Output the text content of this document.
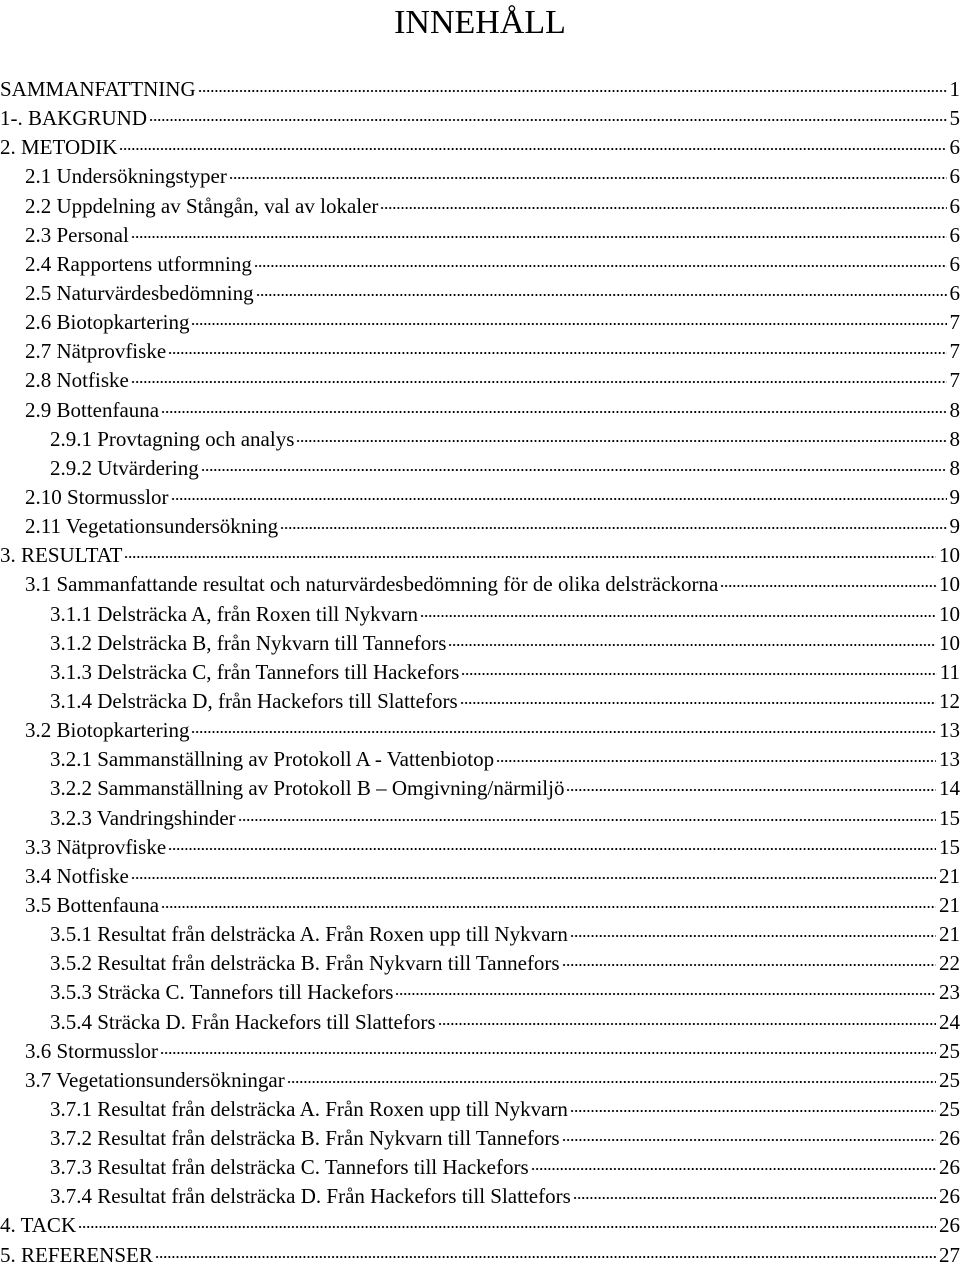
INNEHÅLL
SAMMANFATTNING	1
1-. BAKGRUND	5
2. METODIK	6
2.1 Undersökningstyper	6
2.2 Uppdelning av Stångån, val av lokaler	6
2.3 Personal	6
2.4 Rapportens utformning	6
2.5 Naturvärdesbedömning	6
2.6 Biotopkartering	7
2.7 Nätprovfiske	7
2.8 Notfiske	7
2.9 Bottenfauna	8
2.9.1 Provtagning och analys	8
2.9.2 Utvärdering	8
2.10 Stormusslor	9
2.11 Vegetationsundersökning	9
3. RESULTAT	10
3.1 Sammanfattande resultat och naturvärdesbedömning för de olika delsträckorna	10
3.1.1 Delsträcka A, från Roxen till Nykvarn	10
3.1.2 Delsträcka B, från Nykvarn till Tannefors	10
3.1.3 Delsträcka C, från Tannefors till Hackefors	11
3.1.4 Delsträcka D, från Hackefors till Slattefors	12
3.2 Biotopkartering	13
3.2.1 Sammanställning av Protokoll A - Vattenbiotop	13
3.2.2 Sammanställning av Protokoll B – Omgivning/närmiljö	14
3.2.3 Vandringshinder	15
3.3 Nätprovfiske	15
3.4 Notfiske	21
3.5 Bottenfauna	21
3.5.1 Resultat från delsträcka A. Från Roxen upp till Nykvarn	21
3.5.2 Resultat från delsträcka B. Från Nykvarn till Tannefors	22
3.5.3 Sträcka C. Tannefors till Hackefors	23
3.5.4 Sträcka D. Från Hackefors till Slattefors	24
3.6 Stormusslor	25
3.7 Vegetationsundersökningar	25
3.7.1 Resultat från delsträcka A. Från Roxen upp till Nykvarn	25
3.7.2 Resultat från delsträcka B. Från Nykvarn till Tannefors	26
3.7.3 Resultat från delsträcka C. Tannefors till Hackefors	26
3.7.4 Resultat från delsträcka D. Från Hackefors till Slattefors	26
4. TACK	26
5. REFERENSER	27
